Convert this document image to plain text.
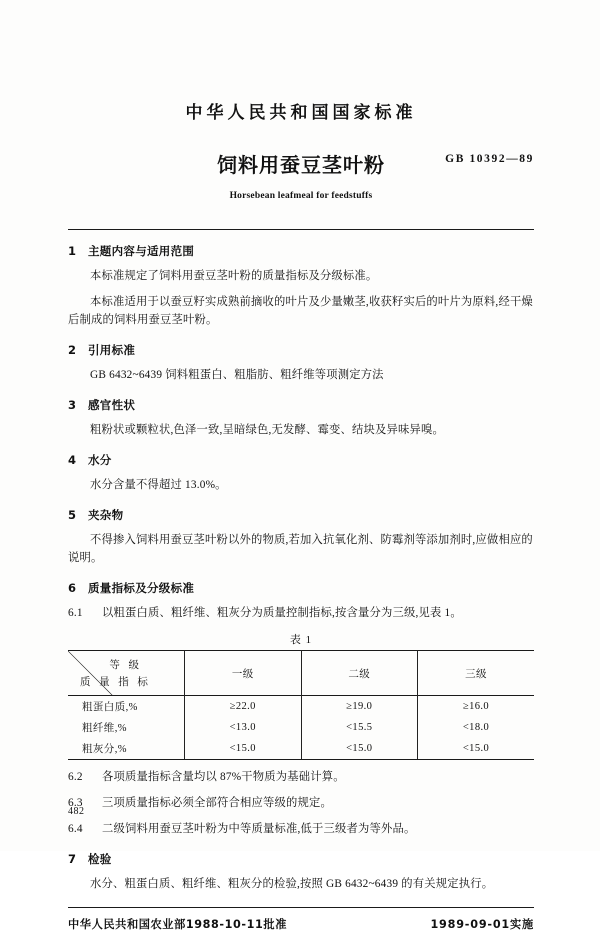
中华人民共和国国家标准
饲料用蚕豆茎叶粉	GB 10392—89
Horsebean leafmeal for feedstuffs
1 主题内容与适用范围
本标准规定了饲料用蚕豆茎叶粉的质量指标及分级标准。
本标准适用于以蚕豆籽实成熟前摘收的叶片及少量嫩茎,收获籽实后的叶片为原料,经干燥后制成的饲料用蚕豆茎叶粉。
2 引用标准
GB 6432~6439 饲料粗蛋白、粗脂肪、粗纤维等项测定方法
3 感官性状
粗粉状或颗粒状,色泽一致,呈暗绿色,无发酵、霉变、结块及异味异嗅。
4 水分
水分含量不得超过 13.0%。
5 夹杂物
不得掺入饲料用蚕豆茎叶粉以外的物质,若加入抗氧化剂、防霉剂等添加剂时,应做相应的说明。
6 质量指标及分级标准
6.1	以粗蛋白质、粗纤维、粗灰分为质量控制指标,按含量分为三级,见表 1。
表 1
等 级
质 量 指 标	一级	二级	三级
粗蛋白质,%	≥22.0	≥19.0	≥16.0
粗纤维,%	<13.0	<15.5	<18.0
粗灰分,%	<15.0	<15.0	<15.0
6.2	各项质量指标含量均以 87%干物质为基础计算。
6.3	三项质量指标必须全部符合相应等级的规定。
6.4	二级饲料用蚕豆茎叶粉为中等质量标准,低于三级者为等外品。
7 检验
水分、粗蛋白质、粗纤维、粗灰分的检验,按照 GB 6432~6439 的有关规定执行。
中华人民共和国农业部1988-10-11批准	1989-09-01实施
482
